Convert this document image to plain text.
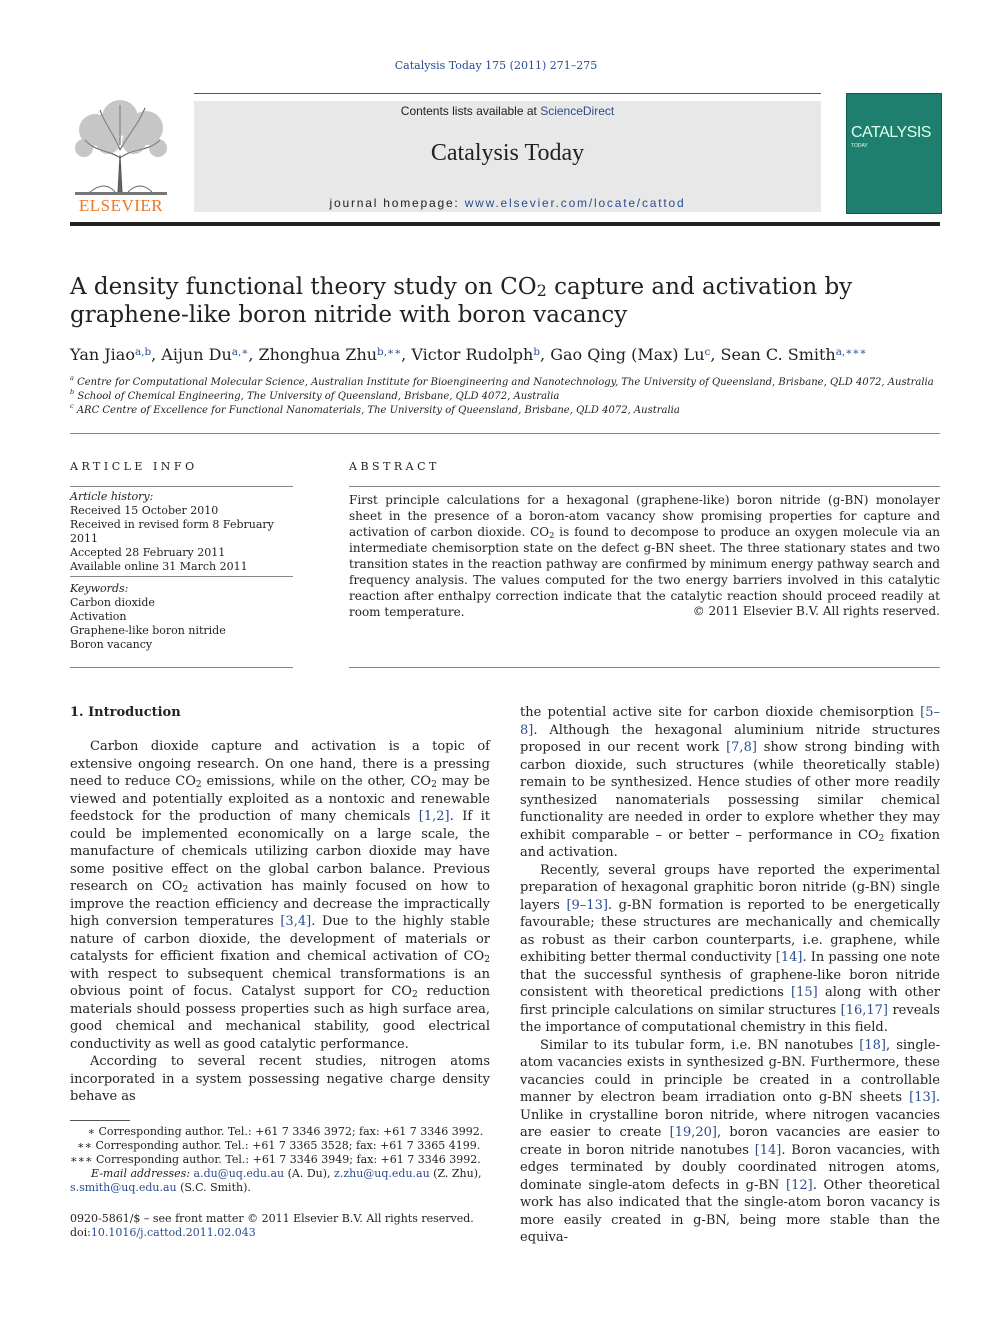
Catalysis Today 175 (2011) 271–275
ELSEVIER
Contents lists available at ScienceDirect
Catalysis Today
journal homepage: www.elsevier.com/locate/cattod
CATALYSIS
TODAY
A density functional theory study on $CO_2$ capture and activation by graphene-like boron nitride with boron vacancy
Yan Jiao$^{a,b}$, Aijun $Du^{a,∗}$, Zhonghua Zhu$^{b,∗∗}$, Victor Rudolph$^b$, Gao Qing (Max) Lu$^c$, Sean C. Smith$^{a,∗∗∗}$
$^a$ Centre for Computational Molecular Science, Australian Institute for Bioengineering and Nanotechnology, The University of Queensland, Brisbane, QLD 4072, Australia
$^b$ School of Chemical Engineering, The University of Queensland, Brisbane, QLD 4072, Australia
$^c$ ARC Centre of Excellence for Functional Nanomaterials, The University of Queensland, Brisbane, QLD 4072, Australia
ARTICLE INFO
Article history:
Received 15 October 2010
Received in revised form 8 February 2011
Accepted 28 February 2011
Available online 31 March 2011
Keywords:
Carbon dioxide
Activation
Graphene-like boron nitride
Boron vacancy
ABSTRACT
First principle calculations for a hexagonal (graphene-like) boron nitride (g-BN) monolayer sheet in the presence of a boron-atom vacancy show promising properties for capture and activation of carbon dioxide. $CO_2$ is found to decompose to produce an oxygen molecule via an intermediate chemisorption state on the defect g-BN sheet. The three stationary states and two transition states in the reaction pathway are confirmed by minimum energy pathway search and frequency analysis. The values computed for the two energy barriers involved in this catalytic reaction after enthalpy correction indicate that the catalytic reaction should proceed readily at room temperature.	© 2011 Elsevier B.V. All rights reserved.
1. Introduction

Carbon dioxide capture and activation is a topic of extensive ongoing research. On one hand, there is a pressing need to reduce $CO_2$ emissions, while on the other, $CO_2$ may be viewed and potentially exploited as a nontoxic and renewable feedstock for the production of many chemicals [1,2]. If it could be implemented economically on a large scale, the manufacture of chemicals utilizing carbon dioxide may have some positive effect on the global carbon balance. Previous research on $CO_2$ activation has mainly focused on how to improve the reaction efficiency and decrease the impractically high conversion temperatures [3,4]. Due to the highly stable nature of carbon dioxide, the development of materials or catalysts for efficient fixation and chemical activation of $CO_2$ with respect to subsequent chemical transformations is an obvious point of focus. Catalyst support for $CO_2$ reduction materials should possess properties such as high surface area, good chemical and mechanical stability, good electrical conductivity as well as good catalytic performance.

According to several recent studies, nitrogen atoms incorporated in a system possessing negative charge density behave as

the potential active site for carbon dioxide chemisorption [5–8]. Although the hexagonal aluminium nitride structures proposed in our recent work [7,8] show strong binding with carbon dioxide, such structures (while theoretically stable) remain to be synthesized. Hence studies of other more readily synthesized nanomaterials possessing similar chemical functionality are needed in order to explore whether they may exhibit comparable – or better – performance in $CO_2$ fixation and activation.

Recently, several groups have reported the experimental preparation of hexagonal graphitic boron nitride (g-BN) single layers [9–13]. g-BN formation is reported to be energetically favourable; these structures are mechanically and chemically as robust as their carbon counterparts, i.e. graphene, while exhibiting better thermal conductivity [14]. In passing one note that the successful synthesis of graphene-like boron nitride consistent with theoretical predictions [15] along with other first principle calculations on similar structures [16,17] reveals the importance of computational chemistry in this field.

Similar to its tubular form, i.e. BN nanotubes [18], single-atom vacancies exists in synthesized g-BN. Furthermore, these vacancies could in principle be created in a controllable manner by electron beam irradiation onto g-BN sheets [13]. Unlike in crystalline boron nitride, where nitrogen vacancies are easier to create [19,20], boron vacancies are easier to create in boron nitride nanotubes [14]. Boron vacancies, with edges terminated by doubly coordinated nitrogen atoms, dominate single-atom defects in g-BN [12]. Other theoretical work has also indicated that the single-atom boron vacancy is more easily created in g-BN, being more stable than the equiva-

∗ Corresponding author. Tel.: +61 7 3346 3972; fax: +61 7 3346 3992.
∗∗ Corresponding author. Tel.: +61 7 3365 3528; fax: +61 7 3365 4199.
∗∗∗ Corresponding author. Tel.: +61 7 3346 3949; fax: +61 7 3346 3992.
E-mail addresses: a.du@uq.edu.au (A. Du), z.zhu@uq.edu.au (Z. Zhu),
s.smith@uq.edu.au (S.C. Smith).
0920-5861/$ – see front matter © 2011 Elsevier B.V. All rights reserved.
doi:10.1016/j.cattod.2011.02.043
